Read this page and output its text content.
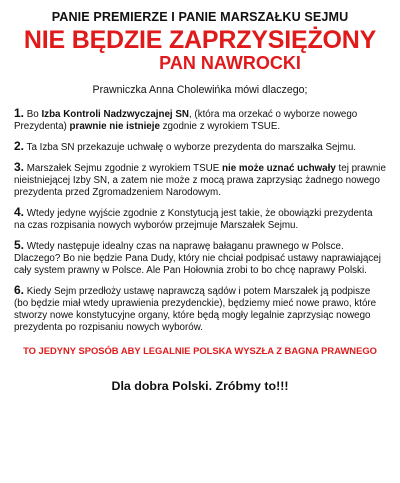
PANIE PREMIERZE I PANIE MARSZAŁKU SEJMU
NIE BĘDZIE ZAPRZYSIĘŻONY
PAN NAWROCKI
Prawniczka Anna Cholewińka mówi dlaczego;
1. Bo Izba Kontroli Nadzwyczajnej SN, (która ma orzekać o wyborze nowego Prezydenta) prawnie nie istnieje zgodnie z wyrokiem TSUE.
2. Ta Izba SN przekazuje uchwałę o wyborze prezydenta do marszałka Sejmu.
3. Marszałek Sejmu zgodnie z wyrokiem TSUE nie może uznać uchwały tej prawnie nieistniejącej Izby SN, a zatem nie może z mocą prawa zaprzysiąc żadnego nowego prezydenta przed Zgromadzeniem Narodowym.
4. Wtedy jedyne wyjście zgodnie z Konstytucją jest takie, że obowiązki prezydenta na czas rozpisania nowych wyborów przejmuje Marszałek Sejmu.
5. Wtedy następuje idealny czas na naprawę bałaganu prawnego w Polsce. Dlaczego? Bo nie będzie Pana Dudy, który nie chciał podpisać ustawy naprawiającej cały system prawny w Polsce. Ale Pan Hołownia zrobi to bo chcę naprawy Polski.
6. Kiedy Sejm przedłoży ustawę naprawczą sądów i potem Marszałek ją podpisze (bo będzie miał wtedy uprawienia prezydenckie), będziemy mieć nowe prawo, które stworzy nowe konstytucyjne organy, które będą mogły legalnie zaprzysiąc nowego prezydenta po rozpisaniu nowych wyborów.
TO JEDYNY SPOSÓB ABY LEGALNIE POLSKA WYSZŁA Z BAGNA PRAWNEGO
Dla dobra Polski. Zróbmy to!!!
